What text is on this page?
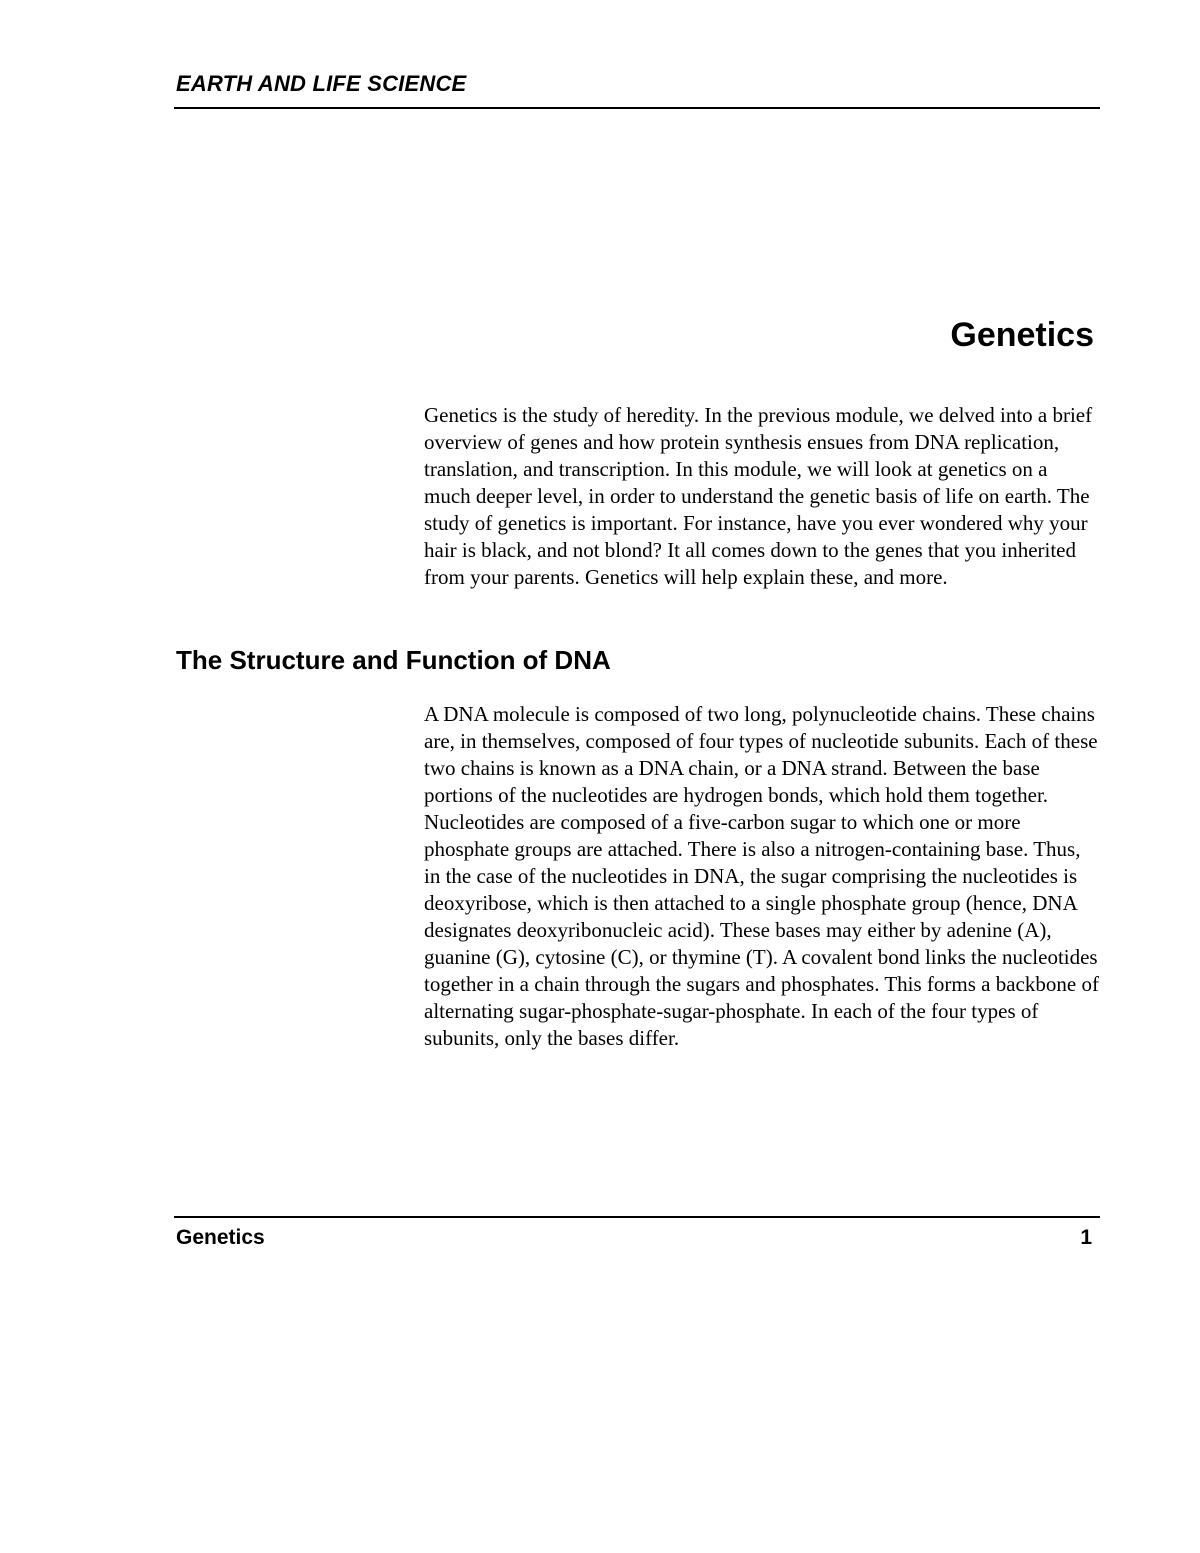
EARTH AND LIFE SCIENCE
Genetics

Genetics is the study of heredity. In the previous module, we delved into a brief overview of genes and how protein synthesis ensues from DNA replication, translation, and transcription. In this module, we will look at genetics on a much deeper level, in order to understand the genetic basis of life on earth. The study of genetics is important. For instance, have you ever wondered why your hair is black, and not blond? It all comes down to the genes that you inherited from your parents. Genetics will help explain these, and more.

The Structure and Function of DNA

A DNA molecule is composed of two long, polynucleotide chains. These chains are, in themselves, composed of four types of nucleotide subunits. Each of these two chains is known as a DNA chain, or a DNA strand. Between the base portions of the nucleotides are hydrogen bonds, which hold them together. Nucleotides are composed of a five-carbon sugar to which one or more phosphate groups are attached. There is also a nitrogen-containing base. Thus, in the case of the nucleotides in DNA, the sugar comprising the nucleotides is deoxyribose, which is then attached to a single phosphate group (hence, DNA designates deoxyribonucleic acid). These bases may either by adenine (A), guanine (G), cytosine (C), or thymine (T). A covalent bond links the nucleotides together in a chain through the sugars and phosphates. This forms a backbone of alternating sugar-phosphate-sugar-phosphate. In each of the four types of subunits, only the bases differ.

Genetics	1
